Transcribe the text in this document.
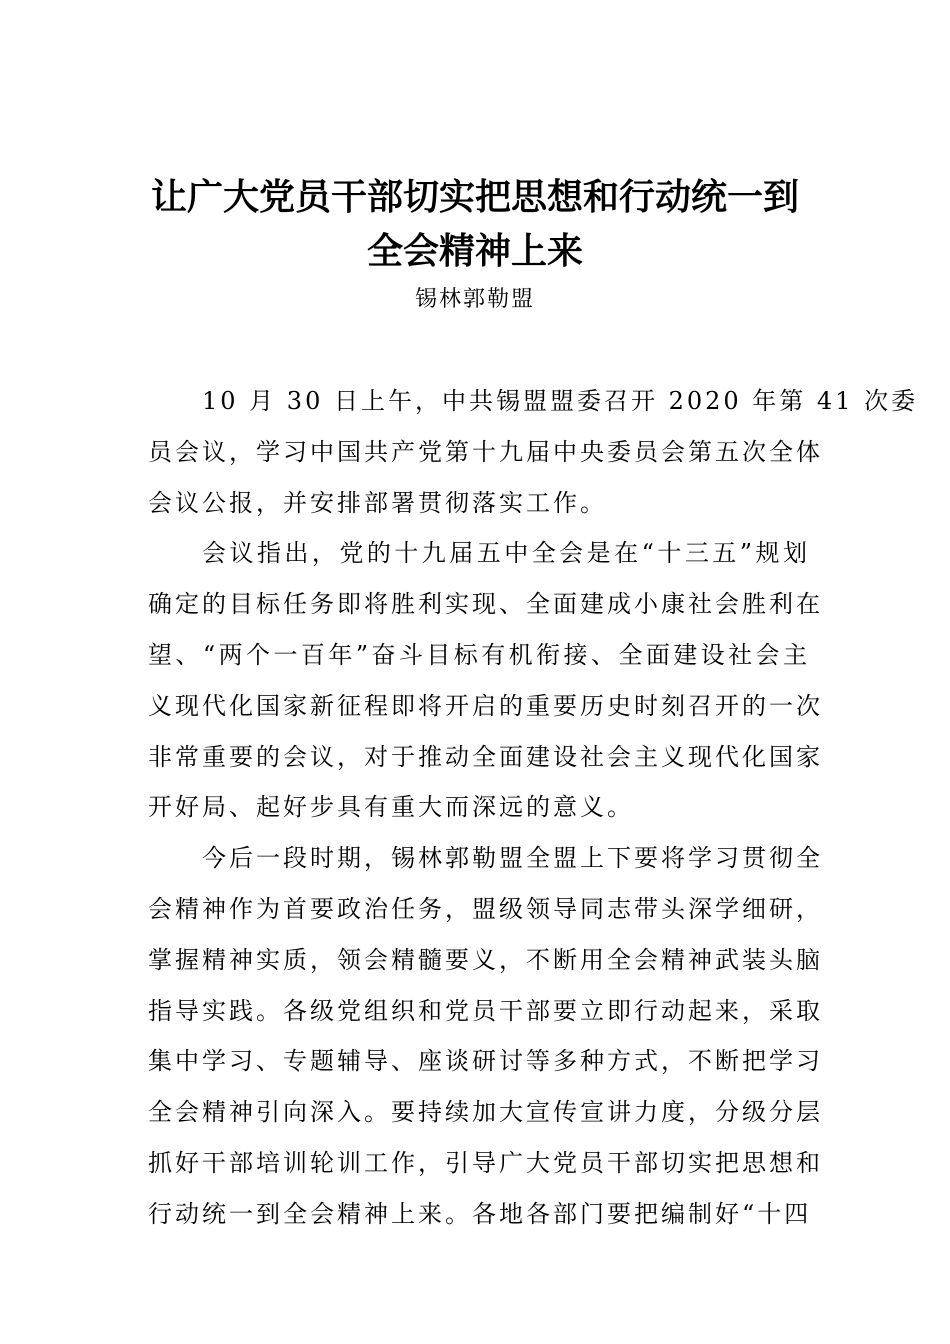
让广大党员干部切实把思想和行动统一到
全会精神上来
锡林郭勒盟
10 月 30 日上午，中共锡盟盟委召开 2020 年第 41 次委
员会议，学习中国共产党第十九届中央委员会第五次全体
会议公报，并安排部署贯彻落实工作。
会议指出，党的十九届五中全会是在“十三五”规划
确定的目标任务即将胜利实现、全面建成小康社会胜利在
望、“两个一百年”奋斗目标有机衔接、全面建设社会主
义现代化国家新征程即将开启的重要历史时刻召开的一次
非常重要的会议，对于推动全面建设社会主义现代化国家
开好局、起好步具有重大而深远的意义。
今后一段时期，锡林郭勒盟全盟上下要将学习贯彻全
会精神作为首要政治任务，盟级领导同志带头深学细研，
掌握精神实质，领会精髓要义，不断用全会精神武装头脑
指导实践。各级党组织和党员干部要立即行动起来，采取
集中学习、专题辅导、座谈研讨等多种方式，不断把学习
全会精神引向深入。要持续加大宣传宣讲力度，分级分层
抓好干部培训轮训工作，引导广大党员干部切实把思想和
行动统一到全会精神上来。各地各部门要把编制好“十四
